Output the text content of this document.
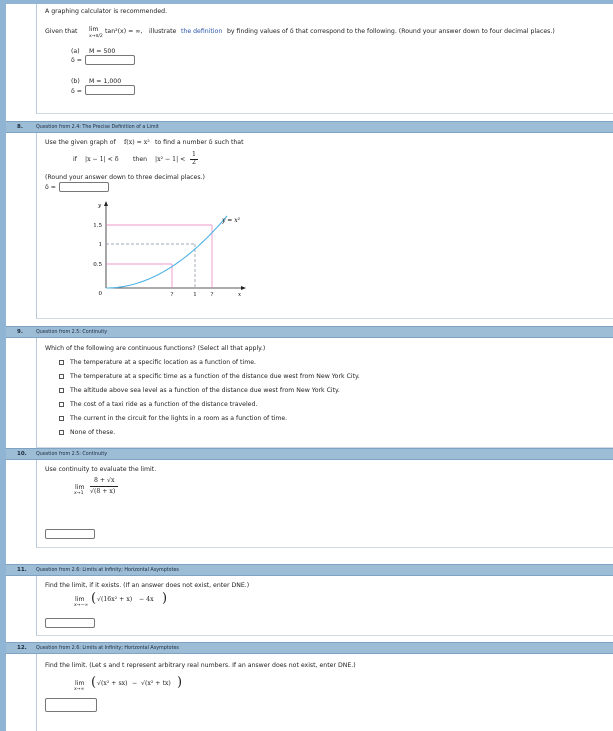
A graphing calculator is recommended.
Given that lim
x→π/2
tan²(x) = ∞, illustrate the definition by finding values of δ that correspond to the following. (Round your answer down to four decimal places.)
(a) M = 500
δ =
(b) M = 1,000
δ =
8.	Question from 2.4: The Precise Definition of a Limit
Use the given graph of f(x) = x² to find a number δ such that
if |x − 1| < δ then |x² − 1| <
1
2
(Round your answer down to three decimal places.)
δ =
1.5
1
0.5
0	?	1	?	x
y
y = x²
9.	Question from 2.5: Continuity
Which of the following are continuous functions? (Select all that apply.)
The temperature at a specific location as a function of time.
The temperature at a specific time as a function of the distance due west from New York City.
The altitude above sea level as a function of the distance due west from New York City.
The cost of a taxi ride as a function of the distance traveled.
The current in the circuit for the lights in a room as a function of time.
None of these.
10. Question from 2.5: Continuity
Use continuity to evaluate the limit.
lim
x→1
8 + √x
√(8 + x)
11. Question from 2.6: Limits at Infinity; Horizontal Asymptotes
Find the limit, if it exists. (If an answer does not exist, enter DNE.)
lim
x→−∞ ( √(16x² + x) − 4x )
12. Question from 2.6: Limits at Infinity; Horizontal Asymptotes
Find the limit. (Let s and t represent arbitrary real numbers. If an answer does not exist, enter DNE.)
lim
x→∞ ( √(x² + sx) − √(x² + tx) )
